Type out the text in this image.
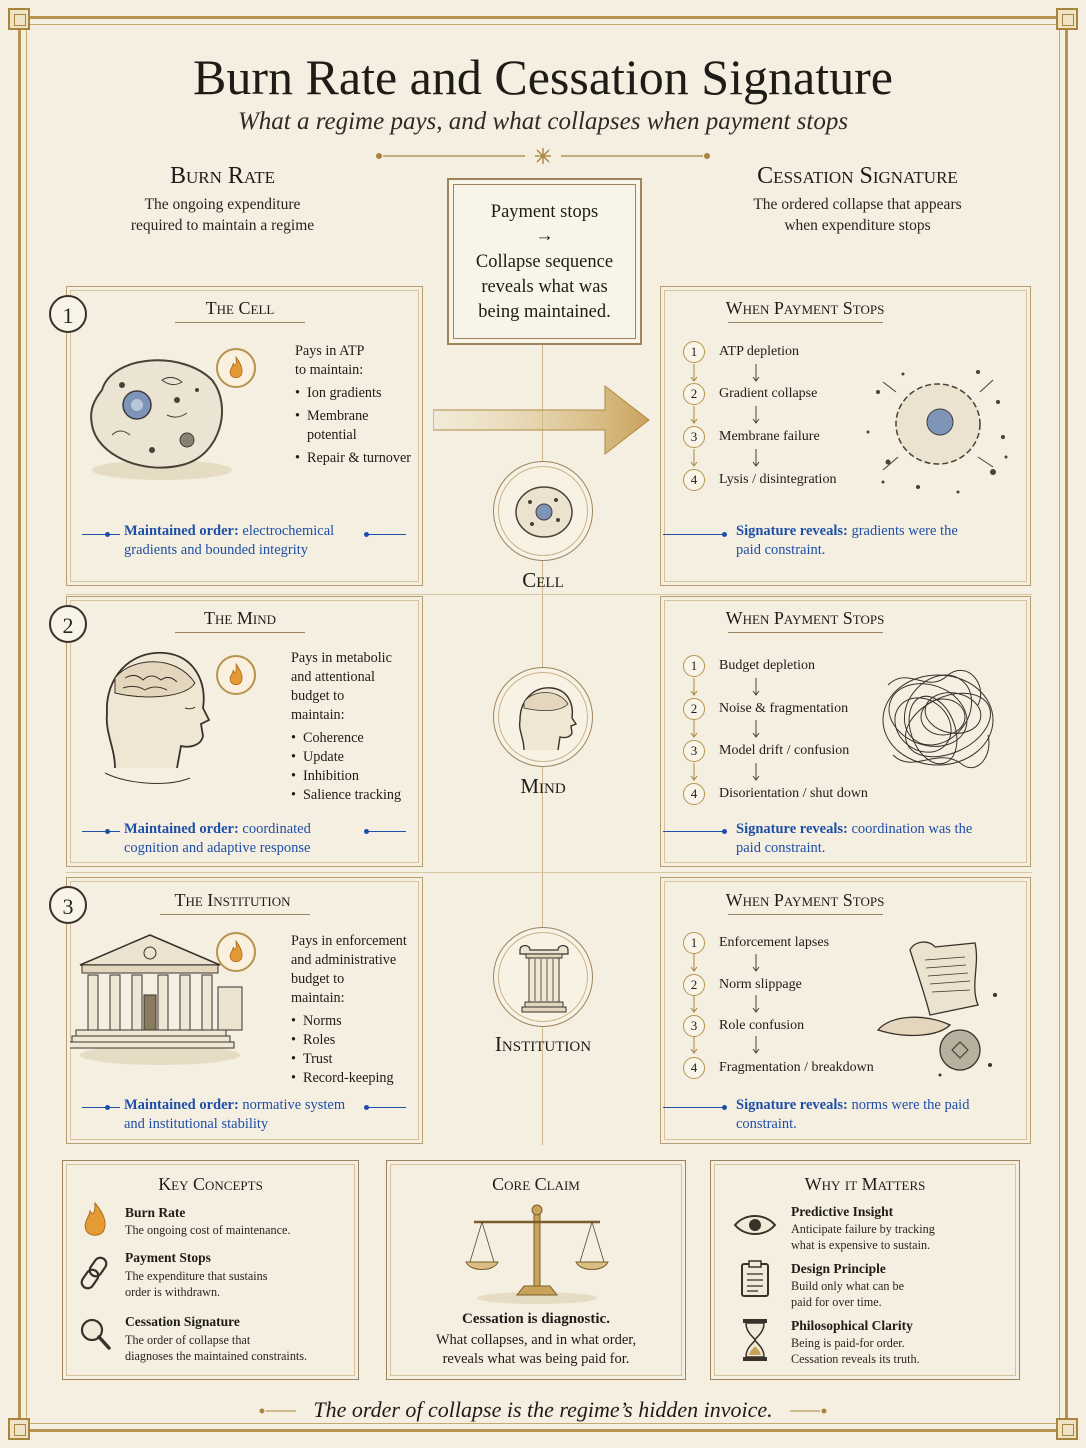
Burn Rate and Cessation Signature
What a regime pays, and what collapses when payment stops
Burn Rate
The ongoing expenditure
required to maintain a regime
Cessation Signature
The ordered collapse that appears
when expenditure stops
Payment stops
→
Collapse sequence
reveals what was
being maintained.
1	The Cell
Pays in ATP
to maintain:
• Ion gradients
• Membrane potential
• Repair & turnover
Maintained order: electrochemical gradients and bounded integrity
Cell
When Payment Stops
1	ATP depletion
2	Gradient collapse
3	Membrane failure
4	Lysis / disintegration
Signature reveals: gradients were the paid constraint.
2	The Mind
Pays in metabolic
and attentional
budget to
maintain:
• Coherence
• Update
• Inhibition
• Salience tracking
Maintained order: coordinated cognition and adaptive response
Mind
When Payment Stops
1	Budget depletion
2	Noise & fragmentation
3	Model drift / confusion
4	Disorientation / shut down
Signature reveals: coordination was the paid constraint.
3	The Institution
Pays in enforcement
and administrative
budget to
maintain:
• Norms
• Roles
• Trust
• Record-keeping
Maintained order: normative system and institutional stability
Institution
When Payment Stops
1	Enforcement lapses
2	Norm slippage
3	Role confusion
4	Fragmentation / breakdown
Signature reveals: norms were the paid constraint.
Key Concepts
Burn Rate
The ongoing cost of maintenance.
Payment Stops
The expenditure that sustains
order is withdrawn.
Cessation Signature
The order of collapse that
diagnoses the maintained constraints.
Core Claim
Cessation is diagnostic.
What collapses, and in what order,
reveals what was being paid for.
Why it Matters
Predictive Insight
Anticipate failure by tracking
what is expensive to sustain.
Design Principle
Build only what can be
paid for over time.
Philosophical Clarity
Being is paid-for order.
Cessation reveals its truth.
The order of collapse is the regime’s hidden invoice.
